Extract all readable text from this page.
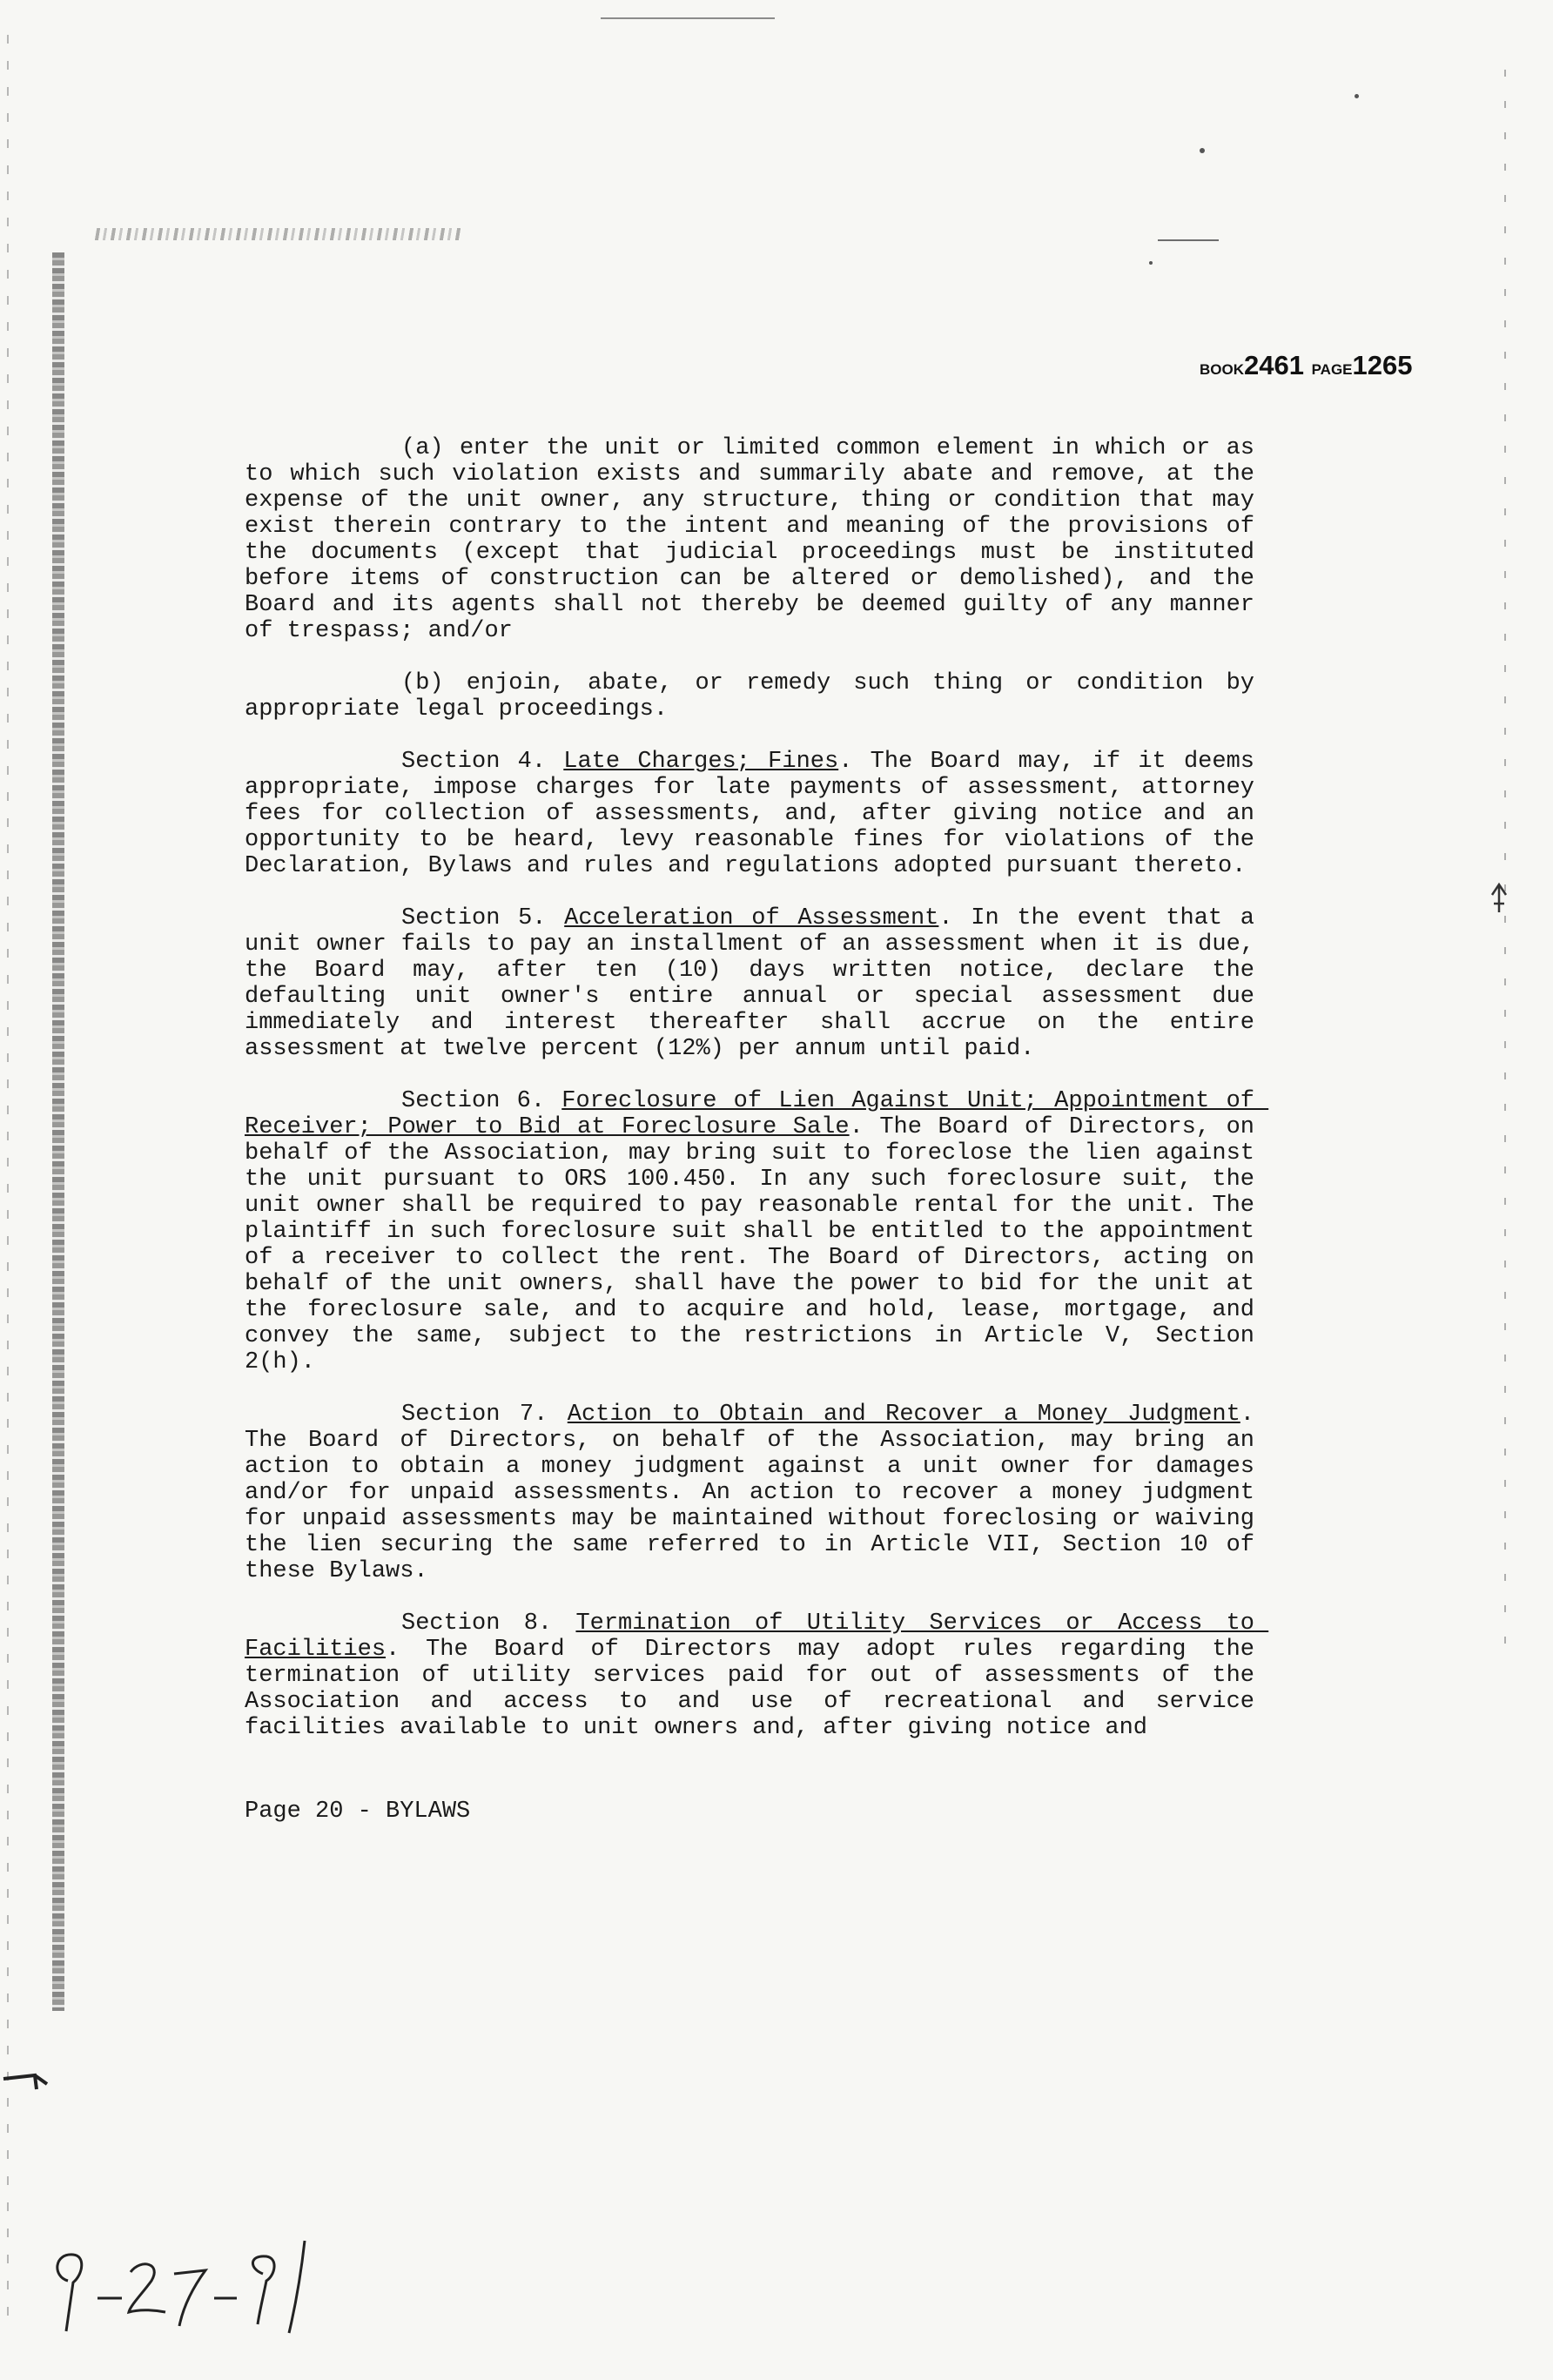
BOOK2461 PAGE1265

(a) enter the unit or limited common element in which or as to which such violation exists and summarily abate and remove, at the expense of the unit owner, any structure, thing or condition that may exist therein contrary to the intent and meaning of the provisions of the documents (except that judicial proceedings must be instituted before items of construction can be altered or demolished), and the Board and its agents shall not thereby be deemed guilty of any manner of trespass; and/or

(b) enjoin, abate, or remedy such thing or condition by appropriate legal proceedings.

Section 4. Late Charges; Fines. The Board may, if it deems appropriate, impose charges for late payments of assessment, attorney fees for collection of assessments, and, after giving notice and an opportunity to be heard, levy reasonable fines for violations of the Declaration, Bylaws and rules and regulations adopted pursuant thereto.

Section 5. Acceleration of Assessment. In the event that a unit owner fails to pay an installment of an assessment when it is due, the Board may, after ten (10) days written notice, declare the defaulting unit owner's entire annual or special assessment due immediately and interest thereafter shall accrue on the entire assessment at twelve percent (12%) per annum until paid.

Section 6. Foreclosure of Lien Against Unit; Appointment of Receiver; Power to Bid at Foreclosure Sale. The Board of Directors, on behalf of the Association, may bring suit to foreclose the lien against the unit pursuant to ORS 100.450. In any such foreclosure suit, the unit owner shall be required to pay reasonable rental for the unit. The plaintiff in such foreclosure suit shall be entitled to the appointment of a receiver to collect the rent. The Board of Directors, acting on behalf of the unit owners, shall have the power to bid for the unit at the foreclosure sale, and to acquire and hold, lease, mortgage, and convey the same, subject to the restrictions in Article V, Section 2(h).

Section 7. Action to Obtain and Recover a Money Judgment. The Board of Directors, on behalf of the Association, may bring an action to obtain a money judgment against a unit owner for damages and/or for unpaid assessments. An action to recover a money judgment for unpaid assessments may be maintained without foreclosing or waiving the lien securing the same referred to in Article VII, Section 10 of these Bylaws.

Section 8. Termination of Utility Services or Access to Facilities. The Board of Directors may adopt rules regarding the termination of utility services paid for out of assessments of the Association and access to and use of recreational and service facilities available to unit owners and, after giving notice and

Page 20 - BYLAWS
